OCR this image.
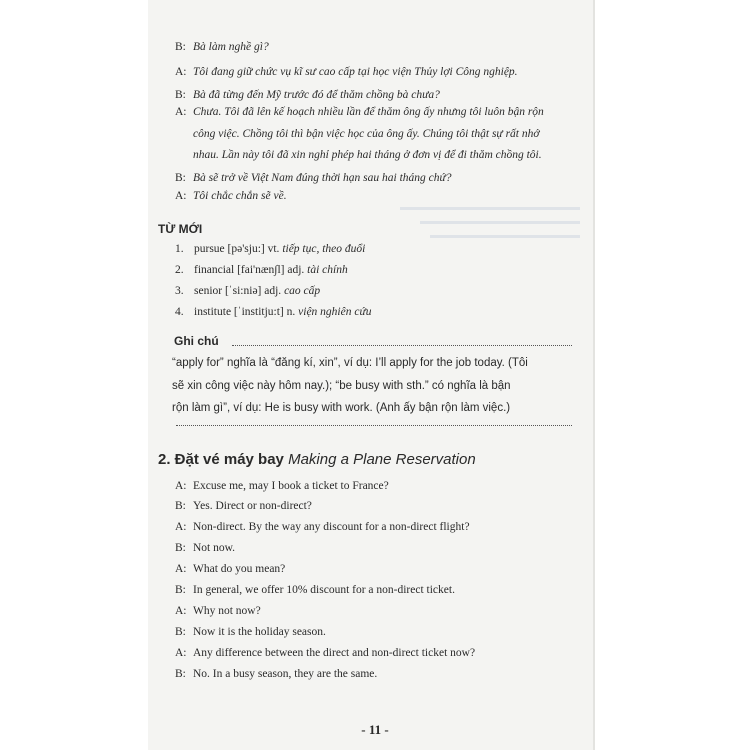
B: Bà làm nghề gì?
A: Tôi đang giữ chức vụ kĩ sư cao cấp tại học viện Thủy lợi Công nghiệp.
B: Bà đã từng đến Mỹ trước đó để thăm chồng bà chưa?
A: Chưa. Tôi đã lên kế hoạch nhiều lần để thăm ông ấy nhưng tôi luôn bận rộn
công việc. Chồng tôi thì bận việc học của ông ấy. Chúng tôi thật sự rất nhớ
nhau. Lần này tôi đã xin nghỉ phép hai tháng ở đơn vị để đi thăm chồng tôi.
B: Bà sẽ trở về Việt Nam đúng thời hạn sau hai tháng chứ?
A: Tôi chắc chắn sẽ về.
TỪ MỚI
1. pursue [pə'sju:] vt. tiếp tục, theo đuổi
2. financial [fai'næn∫l] adj. tài chính
3. senior [ˈsi:niə] adj. cao cấp
4. institute [ˈinstitju:t] n. viện nghiên cứu
Ghi chú
“apply for” nghĩa là “đăng kí, xin”, ví dụ: I’ll apply for the job today. (Tôi
sẽ xin công việc này hôm nay.); “be busy with sth.” có nghĩa là bận
rộn làm gì”, ví dụ: He is busy with work. (Anh ấy bận rộn làm việc.)
2. Đặt vé máy bay Making a Plane Reservation
A: Excuse me, may I book a ticket to France?
B: Yes. Direct or non-direct?
A: Non-direct. By the way any discount for a non-direct flight?
B: Not now.
A: What do you mean?
B: In general, we offer 10% discount for a non-direct ticket.
A: Why not now?
B: Now it is the holiday season.
A: Any difference between the direct and non-direct ticket now?
B: No. In a busy season, they are the same.
- 11 -
